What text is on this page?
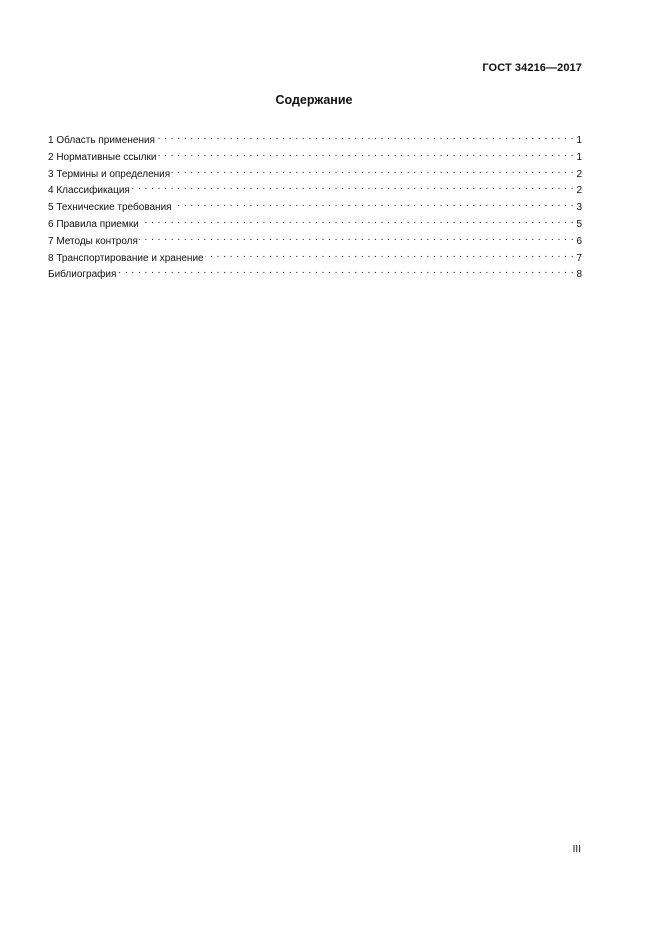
ГОСТ 34216—2017
Содержание
1 Область применения . . .	1
2 Нормативные ссылки . . .	1
3 Термины и определения . . .	2
4 Классификация . . .	2
5 Технические требования . . .	3
6 Правила приемки . . .	5
7 Методы контроля . . .	6
8 Транспортирование и хранение . . .	7
Библиография . . .	8
III
